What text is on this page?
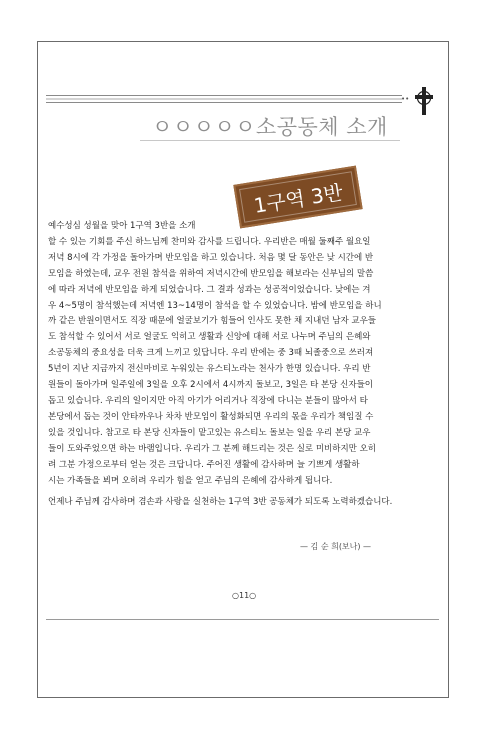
••
ㅇㅇㅇㅇㅇ소공동체 소개
1구역 3반
예수성심 성월을 맞아 1구역 3반을 소개
할 수 있는 기회를 주신 하느님께 찬미와 감사를 드립니다. 우리반은 매월 둘째주 월요일
저녁 8시에 각 가정을 돌아가며 반모임을 하고 있습니다. 처음 몇 달 동안은 낮 시간에 반
모임을 하였는데, 교우 전원 참석을 위하여 저녁시간에 반모임을 해보라는 신부님의 말씀
에 따라 저녁에 반모임을 하게 되었습니다. 그 결과 성과는 성공적이었습니다. 낮에는 겨
우 4~5명이 참석했는데 저녁엔 13~14명이 참석을 할 수 있었습니다. 밤에 반모임을 하니
까 같은 반원이면서도 직장 때문에 얼굴보기가 힘들어 인사도 못한 채 지내던 남자 교우들
도 참석할 수 있어서 서로 얼굴도 익히고 생활과 신앙에 대해 서로 나누며 주님의 은혜와
소공동체의 중요성을 더욱 크게 느끼고 있답니다. 우리 반에는 중 3때 뇌졸중으로 쓰러져
5년이 지난 지금까지 전신마비로 누워있는 유스티노라는 천사가 한명 있습니다. 우리 반
원들이 돌아가며 일주일에 3일을 오후 2시에서 4시까지 돌보고, 3일은 타 본당 신자들이
돕고 있습니다. 우리의 일이지만 아직 아기가 어리거나 직장에 다니는 분들이 많아서 타
본당에서 돕는 것이 안타까우나 차차 반모임이 활성화되면 우리의 몫을 우리가 책임질 수
있을 것입니다. 참고로 타 본당 신자들이 맡고있는 유스티노 돌보는 일을 우리 본당 교우
들이 도와주었으면 하는 바램입니다. 우리가 그 분께 해드리는 것은 실로 미비하지만 오히
려 그분 가정으로부터 얻는 것은 크답니다. 주어진 생활에 감사하며 늘 기쁘게 생활하
시는 가족들을 뵈며 오히려 우리가 힘을 얻고 주님의 은혜에 감사하게 됩니다.
언제나 주님께 감사하며 겸손과 사랑을 실천하는 1구역 3반 공동체가 되도록 노력하겠습니다.
— 김 순 희(보나) —
○11○
